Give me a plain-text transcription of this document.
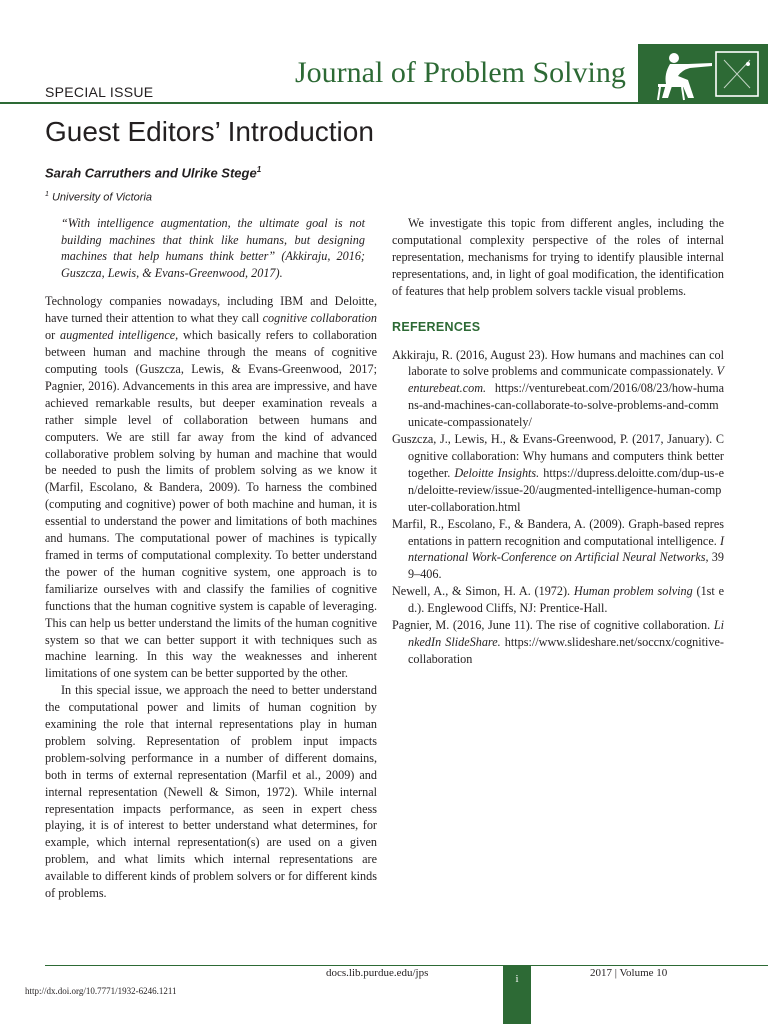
SPECIAL ISSUE
Journal of Problem Solving
Guest Editors’ Introduction
Sarah Carruthers and Ulrike Stege$^1$
$^1$ University of Victoria

“With intelligence augmentation, the ultimate goal is not building machines that think like humans, but designing machines that help humans think better” (Akkiraju, 2016; Guszcza, Lewis, & Evans-Greenwood, 2017).

Technology companies nowadays, including IBM and Deloitte, have turned their attention to what they call cognitive collaboration or augmented intelligence, which basically refers to collaboration between human and machine through the means of cognitive computing tools (Guszcza, Lewis, & Evans-Greenwood, 2017; Pagnier, 2016). Advancements in this area are impressive, and have achieved remarkable results, but deeper examination reveals a rather simple level of collaboration between humans and computers. We are still far away from the kind of advanced collaborative problem solving by human and machine that would be needed to push the limits of problem solving as we know it (Marfil, Escolano, & Bandera, 2009). To harness the combined (computing and cognitive) power of both machine and human, it is essential to understand the power and limitations of both machines and humans. The computational power of machines is typically framed in terms of computational complexity. To better understand the power of the human cognitive system, one approach is to familiarize ourselves with and classify the families of cognitive functions that the human cognitive system is capable of leveraging. This can help us better understand the limits of the human cognitive system so that we can better support it with techniques such as machine learning. In this way the weaknesses and inherent limitations of one system can be better supported by the other.

In this special issue, we approach the need to better understand the computational power and limits of human cognition by examining the role that internal representations play in human problem solving. Representation of problem input impacts problem-solving performance in a number of different domains, both in terms of external representation (Marfil et al., 2009) and internal representation (Newell & Simon, 1972). While internal representation impacts performance, as seen in expert chess playing, it is of interest to better understand what determines, for example, which internal representation(s) are used on a given problem, and what limits which internal representations are available to different kinds of problem solvers or for different kinds of problems.

We investigate this topic from different angles, including the computational complexity perspective of the roles of internal representation, mechanisms for trying to identify plausible internal representations, and, in light of goal modification, the identification of features that help problem solvers tackle visual problems.

REFERENCES

Akkiraju, R. (2016, August 23). How humans and machines can collaborate to solve problems and communicate compassionately. Venturebeat.com. https://venturebeat.com/2016/08/23/how-humans-and-machines-can-collaborate-to-solve-problems-and-communicate-compassionately/

Guszcza, J., Lewis, H., & Evans-Greenwood, P. (2017, January). Cognitive collaboration: Why humans and computers think better together. Deloitte Insights. https://dupress.deloitte.com/dup-us-en/deloitte-review/issue-20/augmented-intelligence-human-computer-collaboration.html

Marfil, R., Escolano, F., & Bandera, A. (2009). Graph-based representations in pattern recognition and computational intelligence. International Work-Conference on Artificial Neural Networks, 399–406.

Newell, A., & Simon, H. A. (1972). Human problem solving (1st ed.). Englewood Cliffs, NJ: Prentice-Hall.

Pagnier, M. (2016, June 11). The rise of cognitive collaboration. LinkedIn SlideShare. https://www.slideshare.net/soccnx/cognitive-collaboration

docs.lib.purdue.edu/jps	i	2017 | Volume 10
http://dx.doi.org/10.7771/1932-6246.1211
